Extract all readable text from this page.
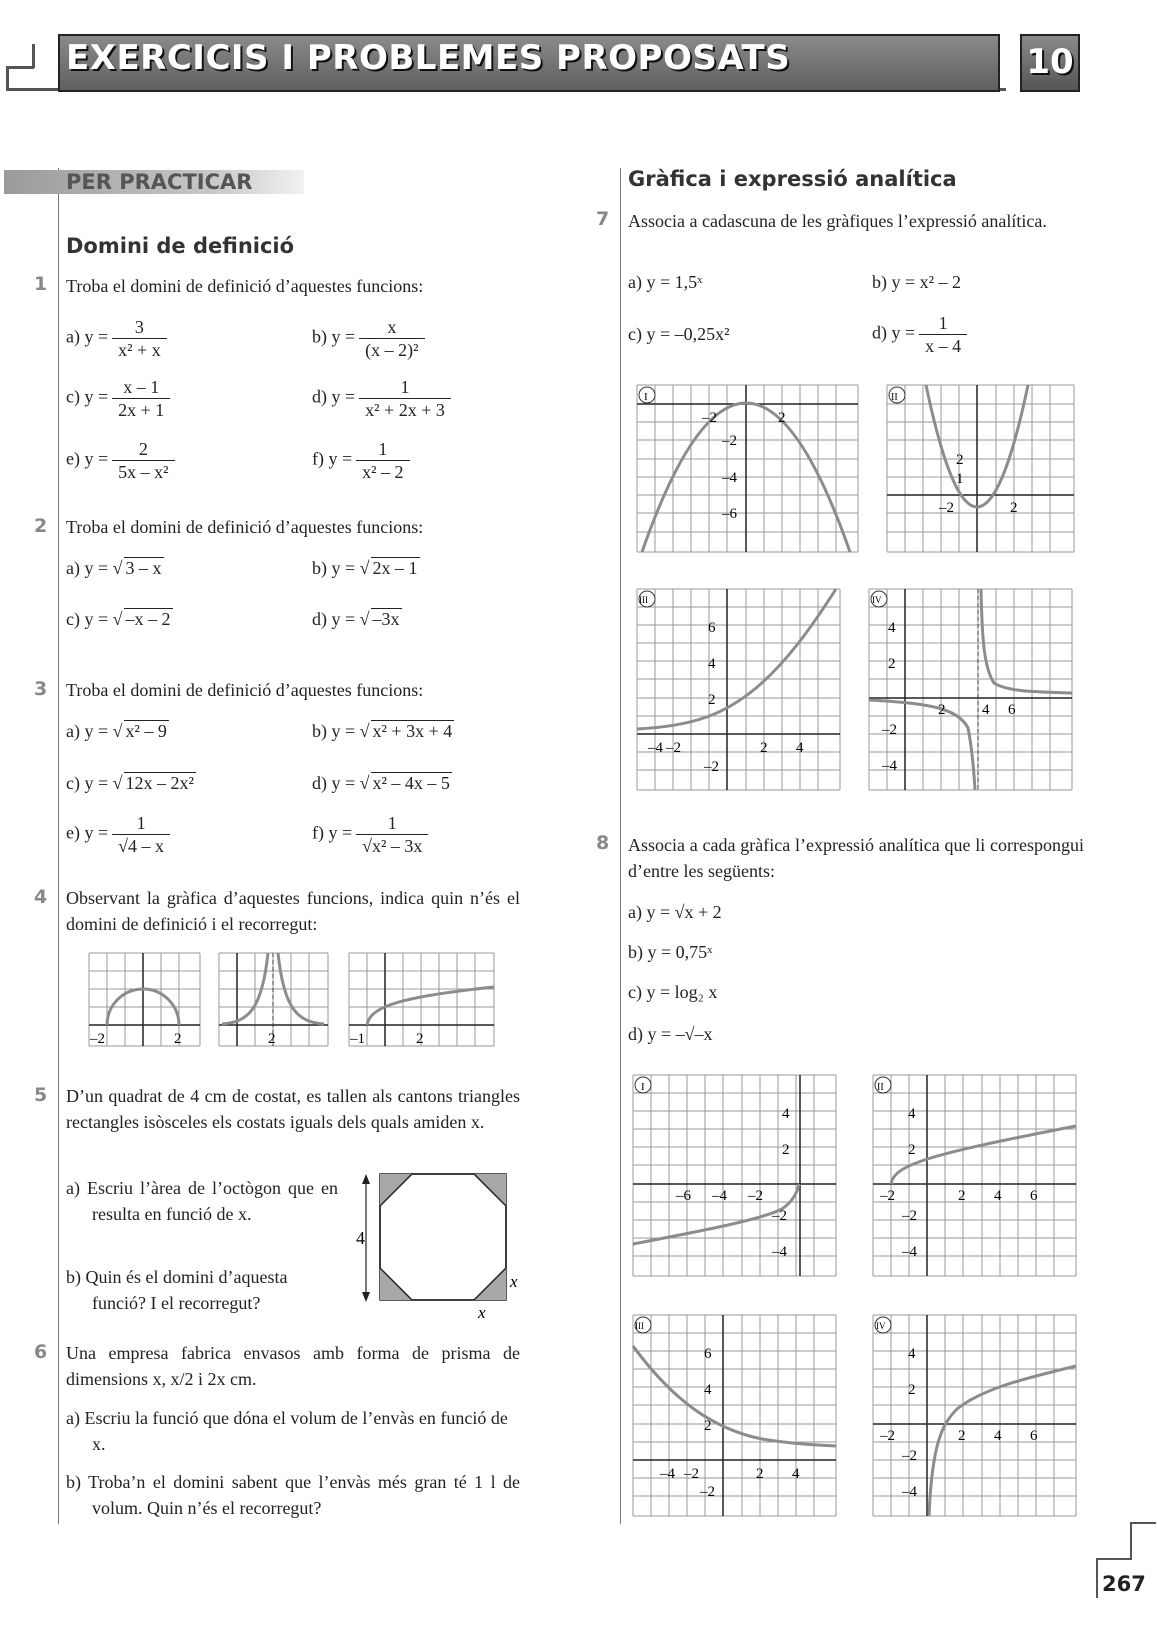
EXERCICIS I PROBLEMES PROPOSATS	10
PER PRACTICAR
Domini de definició
1 Troba el domini de definició d’aquestes funcions:
a) $y = \frac{3}{\text{x² + x}}$	b) $y = \frac{x}{\text{(x – 2)²}}$
c) $y = \frac{x - 1}{2x + 1}$	d) $y = \frac{1}{\text{x² + 2x + 3}}$
e) $y = \frac{2}{\text{5x – x²}}$	f) $y = \frac{1}{\text{x² – 2}}$
2 Troba el domini de definició d’aquestes funcions:
a) y = √ 3 – x	b) y = √ 2x – 1
c) y = √ –x – 2	d) y = √ –3x
3 Troba el domini de definició d’aquestes funcions:
a) y = √ x² – 9	b) y = √ x² + 3x + 4
c) y = √ 12x – 2x²	d) y = √ x² – 4x – 5
e) $y = \frac{1}{√4 - x}$	f) $y = \frac{1}{\text{√x² – 3x}}$
4 Observant la gràfica d’aquestes funcions, indica quin n’és el domini de definició i el recorregut:
–2	2	2	–1	2
5 D’un quadrat de 4 cm de costat, es tallen als cantons triangles rectangles isòsceles els costats iguals dels quals amiden x.
a) Escriu l’àrea de l’octògon que en resulta en funció de x.
b) Quin és el domini d’aquesta funció? I el recorregut?
4
x
x
6 Una empresa fabrica envasos amb forma de prisma de dimensions x, x/2 i 2x cm.
a) Escriu la funció que dóna el volum de l’envàs en funció de x.
b) Troba’n el domini sabent que l’envàs més gran té 1 l de volum. Quin n’és el recorregut?
Gràfica i expressió analítica
7 Associa a cadascuna de les gràfiques l’expressió analítica.
a) y = 1,5ˣ	b) y = x² – 2
c) y = –0,25x²	d) $y = \frac{1}{x - 4}$
–2	2
–2
–4
–6
I
2
1
–2	2
II
6
4
2
–4 –2	2 4
–2
III
4
2
2 4 6
–2
–4
IV
8 Associa a cada gràfica l’expressió analítica que li correspongui d’entre les següents:
a) y = √x + 2
b) y = 0,75ˣ
c) y = log₂ x
d) y = –√–x
4
2
–6 –4 –2
–2
–4
I
4
2
–2	2 4 6
–2
–4
II
6
4
2
–4 –2	2 4
–2
III
4
2
–2	2 4 6
–2
–4
IV
267
